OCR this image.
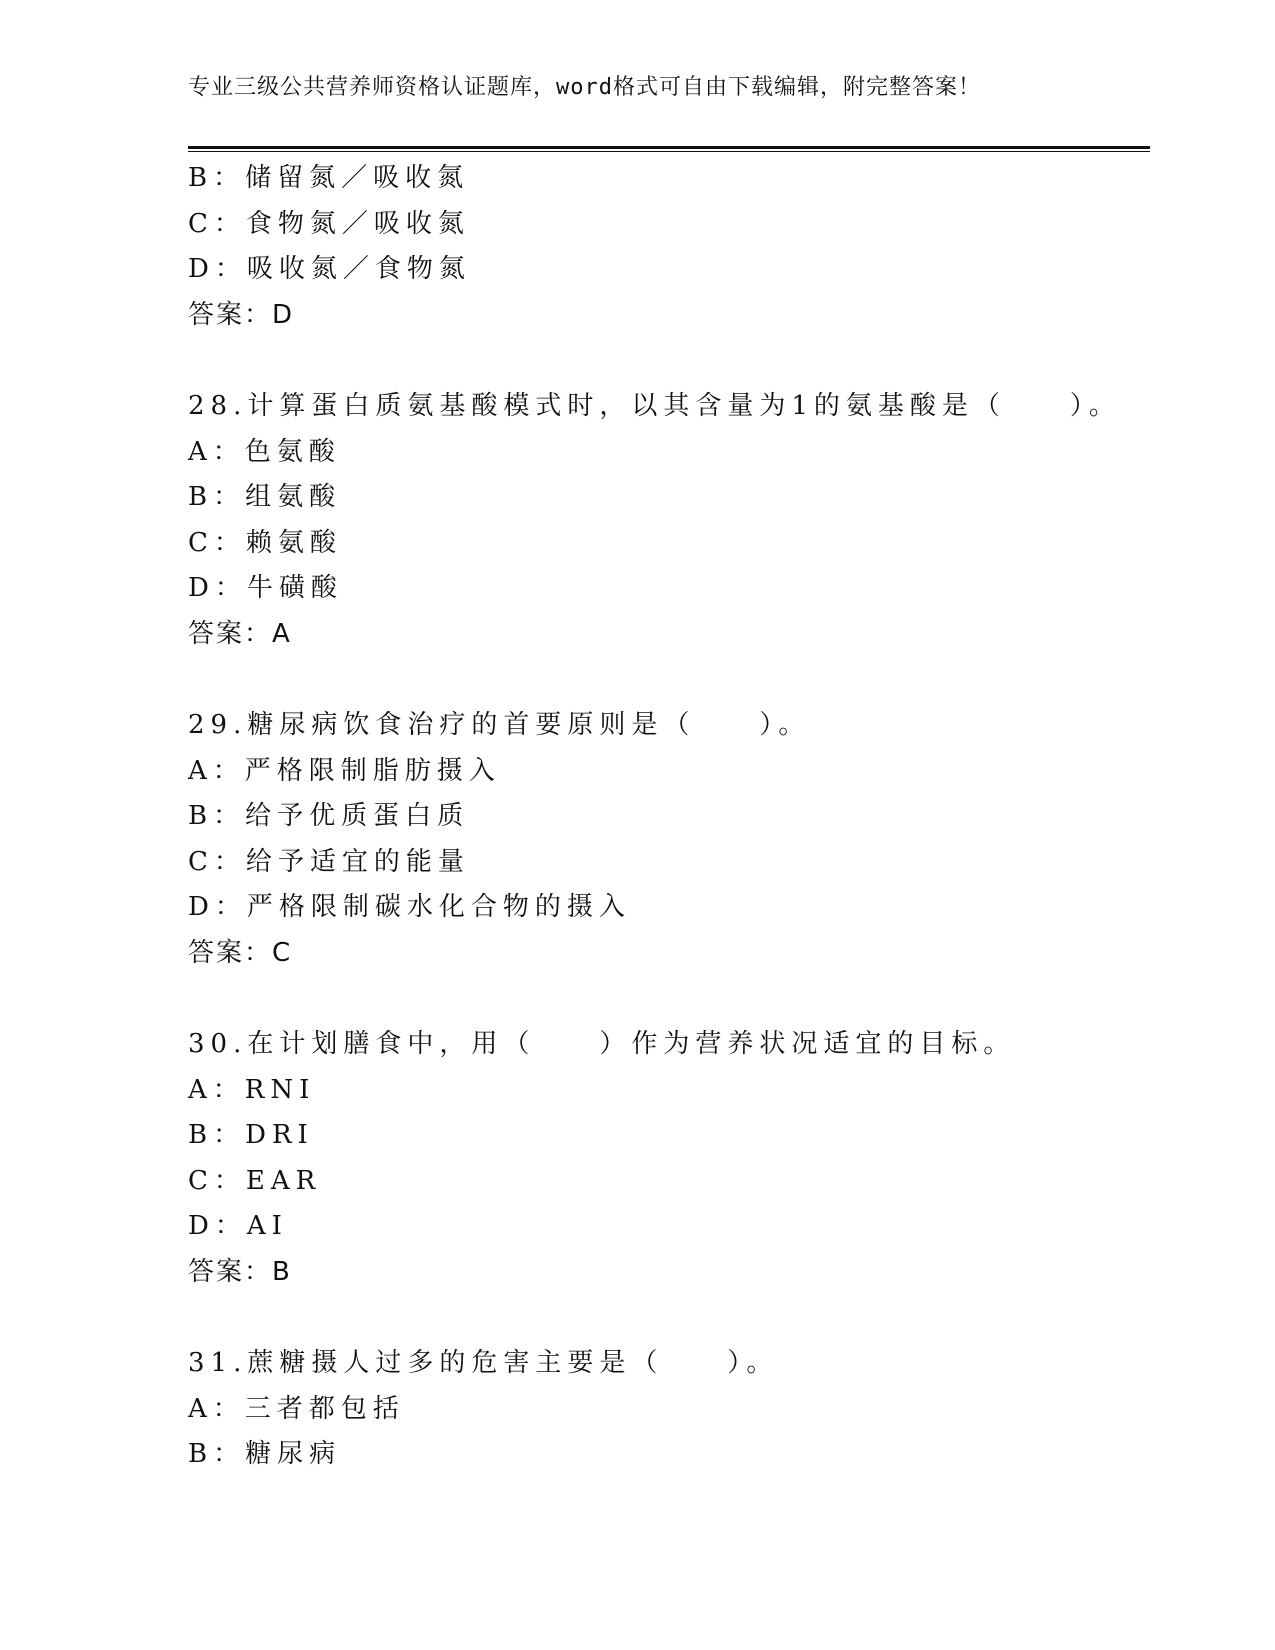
专业三级公共营养师资格认证题库，word格式可自由下载编辑，附完整答案！
B：储留氮／吸收氮
C：食物氮／吸收氮
D：吸收氮／食物氮
答案：D
28.计算蛋白质氨基酸模式时，以其含量为1的氨基酸是（　　）。
A：色氨酸
B：组氨酸
C：赖氨酸
D：牛磺酸
答案：A
29.糖尿病饮食治疗的首要原则是（　　）。
A：严格限制脂肪摄入
B：给予优质蛋白质
C：给予适宜的能量
D：严格限制碳水化合物的摄入
答案：C
30.在计划膳食中，用（　　）作为营养状况适宜的目标。
A：RNI
B：DRI
C：EAR
D：AI
答案：B
31.蔗糖摄人过多的危害主要是（　　）。
A：三者都包括
B：糖尿病
